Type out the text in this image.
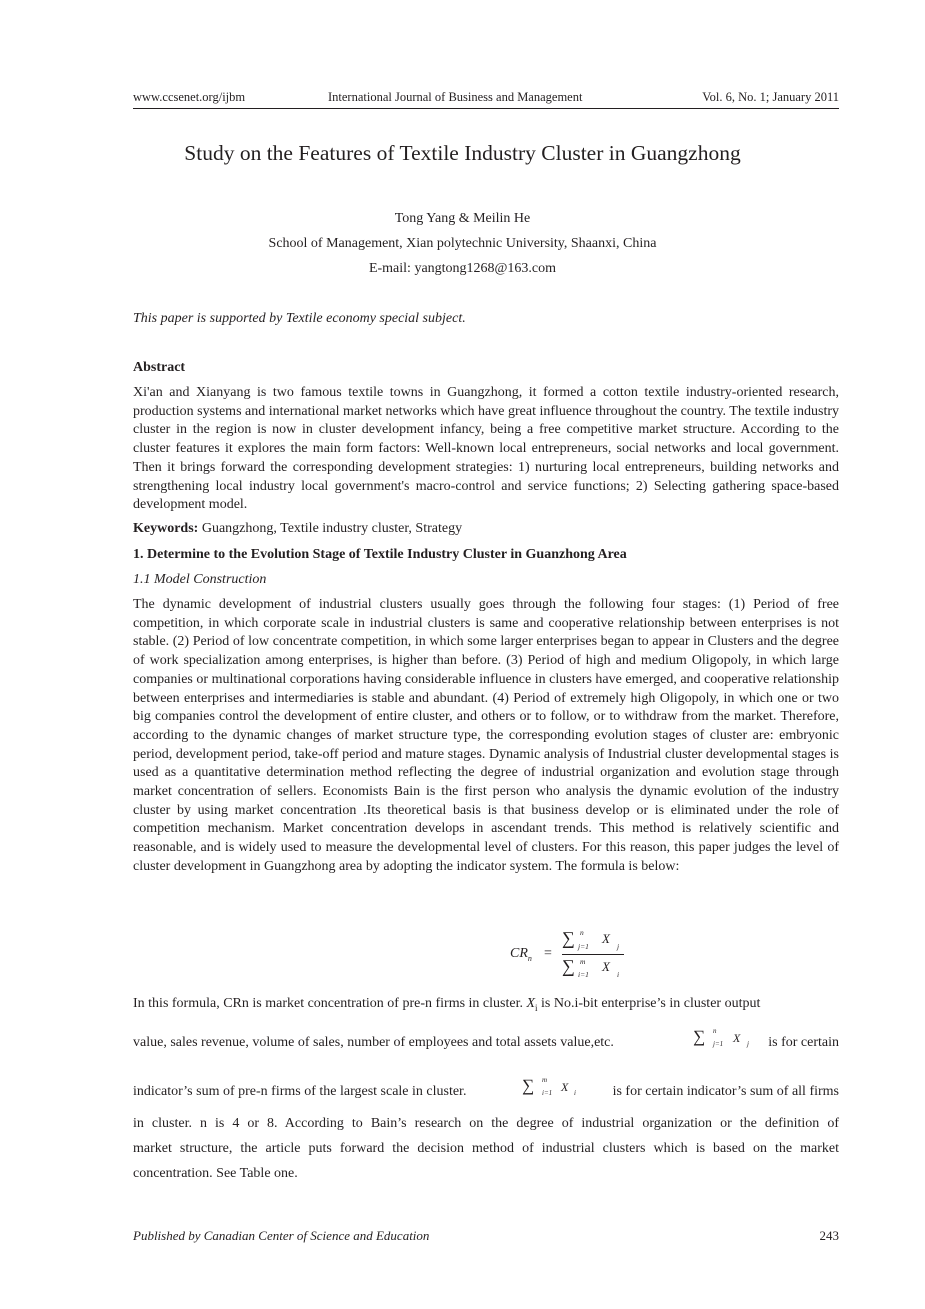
www.ccsenet.org/ijbm	International Journal of Business and Management	Vol. 6, No. 1; January 2011
Study on the Features of Textile Industry Cluster in Guangzhong
Tong Yang & Meilin He
School of Management, Xian polytechnic University, Shaanxi, China
E-mail: yangtong1268@163.com
This paper is supported by Textile economy special subject.
Abstract

Xi'an and Xianyang is two famous textile towns in Guangzhong, it formed a cotton textile industry-oriented research, production systems and international market networks which have great influence throughout the country. The textile industry cluster in the region is now in cluster development infancy, being a free competitive market structure. According to the cluster features it explores the main form factors: Well-known local entrepreneurs, social networks and local government. Then it brings forward the corresponding development strategies: 1) nurturing local entrepreneurs, building networks and strengthening local industry local government's macro-control and service functions; 2) Selecting gathering space-based development model.

Keywords: Guangzhong, Textile industry cluster, Strategy
1. Determine to the Evolution Stage of Textile Industry Cluster in Guanzhong Area
1.1 Model Construction

The dynamic development of industrial clusters usually goes through the following four stages: (1) Period of free competition, in which corporate scale in industrial clusters is same and cooperative relationship between enterprises is not stable. (2) Period of low concentrate competition, in which some larger enterprises began to appear in Clusters and the degree of work specialization among enterprises, is higher than before. (3) Period of high and medium Oligopoly, in which large companies or multinational corporations having considerable influence in clusters have emerged, and cooperative relationship between enterprises and intermediaries is stable and abundant. (4) Period of extremely high Oligopoly, in which one or two big companies control the development of entire cluster, and others or to follow, or to withdraw from the market. Therefore, according to the dynamic changes of market structure type, the corresponding evolution stages of cluster are: embryonic period, development period, take-off period and mature stages. Dynamic analysis of Industrial cluster developmental stages is used as a quantitative determination method reflecting the degree of industrial organization and evolution stage through market concentration of sellers. Economists Bain is the first person who analysis the dynamic evolution of the industry cluster by using market concentration .Its theoretical basis is that business develop or is eliminated under the role of competition mechanism. Market concentration develops in ascendant trends. This method is relatively scientific and reasonable, and is widely used to measure the developmental level of clusters. For this reason, this paper judges the level of cluster development in Guangzhong area by adopting the indicator system. The formula is below:

$CR_n$ =
∑ n
j=1
X
j
∑ m
i=1
X
i
In this formula, CRn is market concentration of pre-n firms in cluster. $X_i$ is No.i-bit enterprise’s in cluster output
value, sales revenue, volume of sales, number of employees and total assets value,etc.	∑ n
j=1 X j	is for certain
indicator’s sum of pre-n firms of the largest scale in cluster.	∑ m
i=1 X i	is for certain indicator’s sum of all firms
in cluster. n is 4 or 8. According to Bain’s research on the degree of industrial organization or the definition of
market structure, the article puts forward the decision method of industrial clusters which is based on the market
concentration. See Table one.
Published by Canadian Center of Science and Education	243
